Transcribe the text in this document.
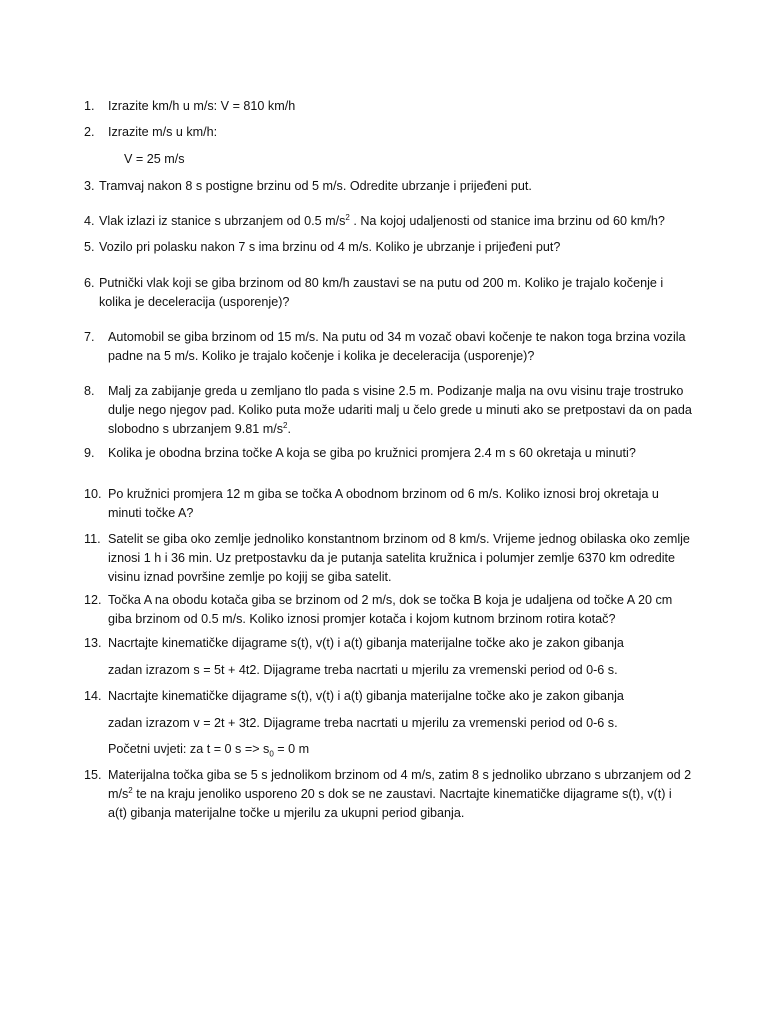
1. Izrazite km/h u m/s: V = 810 km/h
2. Izrazite m/s u km/h:
V = 25 m/s
3. Tramvaj nakon 8 s postigne brzinu od 5 m/s. Odredite ubrzanje i prijeđeni put.
4. Vlak izlazi iz stanice s ubrzanjem od 0.5 $m/s^2$ . Na kojoj udaljenosti od stanice ima brzinu od 60 km/h?
5. Vozilo pri polasku nakon 7 s ima brzinu od 4 m/s. Koliko je ubrzanje i prijeđeni put?
6. Putnički vlak koji se giba brzinom od 80 km/h zaustavi se na putu od 200 m. Koliko je trajalo kočenje i kolika je deceleracija (usporenje)?
7. Automobil se giba brzinom od 15 m/s. Na putu od 34 m vozač obavi kočenje te nakon toga brzina vozila padne na 5 m/s. Koliko je trajalo kočenje i kolika je deceleracija (usporenje)?
8. Malj za zabijanje greda u zemljano tlo pada s visine 2.5 m. Podizanje malja na ovu visinu traje trostruko dulje nego njegov pad. Koliko puta može udariti malj u čelo grede u minuti ako se pretpostavi da on pada slobodno s ubrzanjem 9.81 $m/s^2$.
9. Kolika je obodna brzina točke A koja se giba po kružnici promjera 2.4 m s 60 okretaja u minuti?
10. Po kružnici promjera 12 m giba se točka A obodnom brzinom od 6 m/s. Koliko iznosi broj okretaja u minuti točke A?
11. Satelit se giba oko zemlje jednoliko konstantnom brzinom od 8 km/s. Vrijeme jednog obilaska oko zemlje iznosi 1 h i 36 min. Uz pretpostavku da je putanja satelita kružnica i polumjer zemlje 6370 km odredite visinu iznad površine zemlje po kojij se giba satelit.
12. Točka A na obodu kotača giba se brzinom od 2 m/s, dok se točka B koja je udaljena od točke A 20 cm giba brzinom od 0.5 m/s. Koliko iznosi promjer kotača i kojom kutnom brzinom rotira kotač?
13. Nacrtajte kinematičke dijagrame s(t), v(t) i a(t) gibanja materijalne točke ako je zakon gibanja
zadan izrazom s = 5t + 4t2. Dijagrame treba nacrtati u mjerilu za vremenski period od 0-6 s.
14. Nacrtajte kinematičke dijagrame s(t), v(t) i a(t) gibanja materijalne točke ako je zakon gibanja
zadan izrazom v = 2t + 3t2. Dijagrame treba nacrtati u mjerilu za vremenski period od 0-6 s.
Početni uvjeti: za t = 0 $s => s_0 = 0$ m
15. Materijalna točka giba se 5 s jednolikom brzinom od 4 m/s, zatim 8 s jednoliko ubrzano s ubrzanjem od 2 $m/s^2$ te na kraju jenoliko usporeno 20 s dok se ne zaustavi. Nacrtajte kinematičke dijagrame s(t), v(t) i a(t) gibanja materijalne točke u mjerilu za ukupni period gibanja.
